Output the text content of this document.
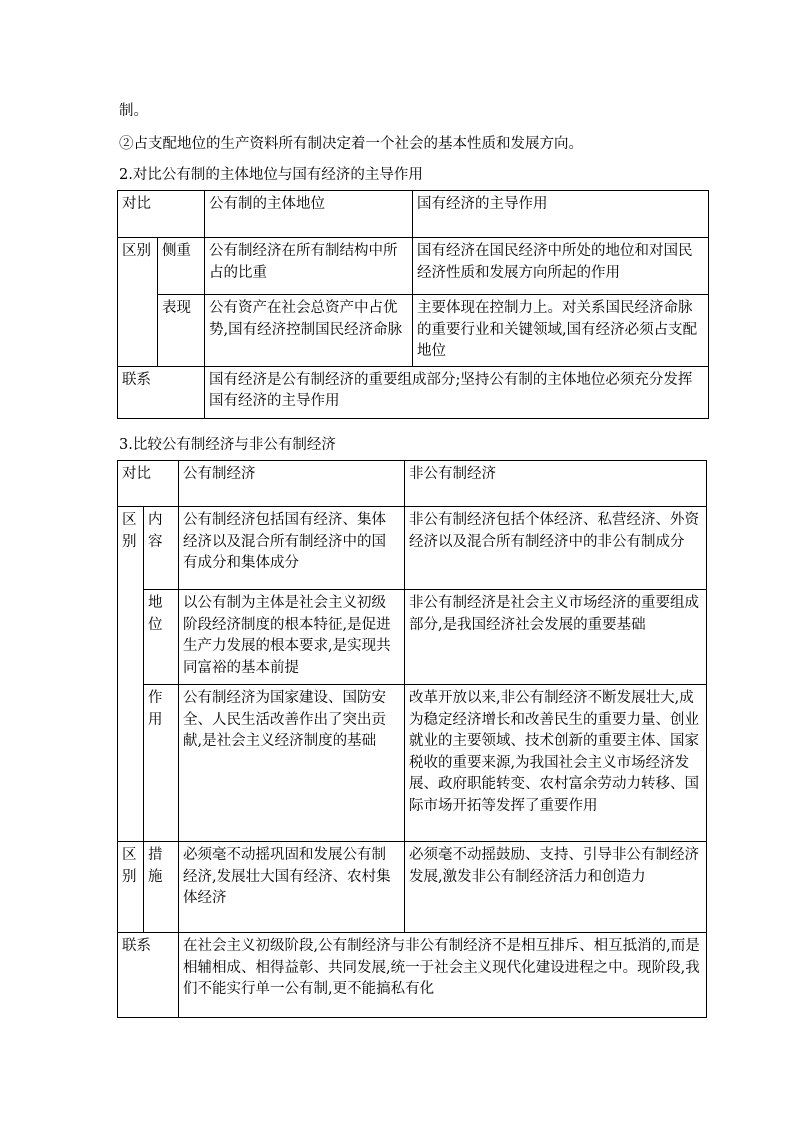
制。
②占支配地位的生产资料所有制决定着一个社会的基本性质和发展方向。
2.对比公有制的主体地位与国有经济的主导作用
对比		公有制的主体地位	国有经济的主导作用
区别	侧重	公有制经济在所有制结构中所占的比重	国有经济在国民经济中所处的地位和对国民经济性质和发展方向所起的作用
	表现	公有资产在社会总资产中占优势,国有经济控制国民经济命脉	主要体现在控制力上。对关系国民经济命脉的重要行业和关键领域,国有经济必须占支配地位
联系		国有经济是公有制经济的重要组成部分;坚持公有制的主体地位必须充分发挥国有经济的主导作用	
3.比较公有制经济与非公有制经济
对比		公有制经济	非公有制经济
区别	内容	公有制经济包括国有经济、集体经济以及混合所有制经济中的国有成分和集体成分	非公有制经济包括个体经济、私营经济、外资经济以及混合所有制经济中的非公有制成分
	地位	以公有制为主体是社会主义初级阶段经济制度的根本特征,是促进生产力发展的根本要求,是实现共同富裕的基本前提	非公有制经济是社会主义市场经济的重要组成部分,是我国经济社会发展的重要基础
	作用	公有制经济为国家建设、国防安全、人民生活改善作出了突出贡献,是社会主义经济制度的基础	改革开放以来,非公有制经济不断发展壮大,成为稳定经济增长和改善民生的重要力量、创业就业的主要领域、技术创新的重要主体、国家税收的重要来源,为我国社会主义市场经济发展、政府职能转变、农村富余劳动力转移、国际市场开拓等发挥了重要作用
区别	措施	必须毫不动摇巩固和发展公有制经济,发展壮大国有经济、农村集体经济	必须毫不动摇鼓励、支持、引导非公有制经济发展,激发非公有制经济活力和创造力
联系		在社会主义初级阶段,公有制经济与非公有制经济不是相互排斥、相互抵消的,而是相辅相成、相得益彰、共同发展,统一于社会主义现代化建设进程之中。现阶段,我们不能实行单一公有制,更不能搞私有化	
